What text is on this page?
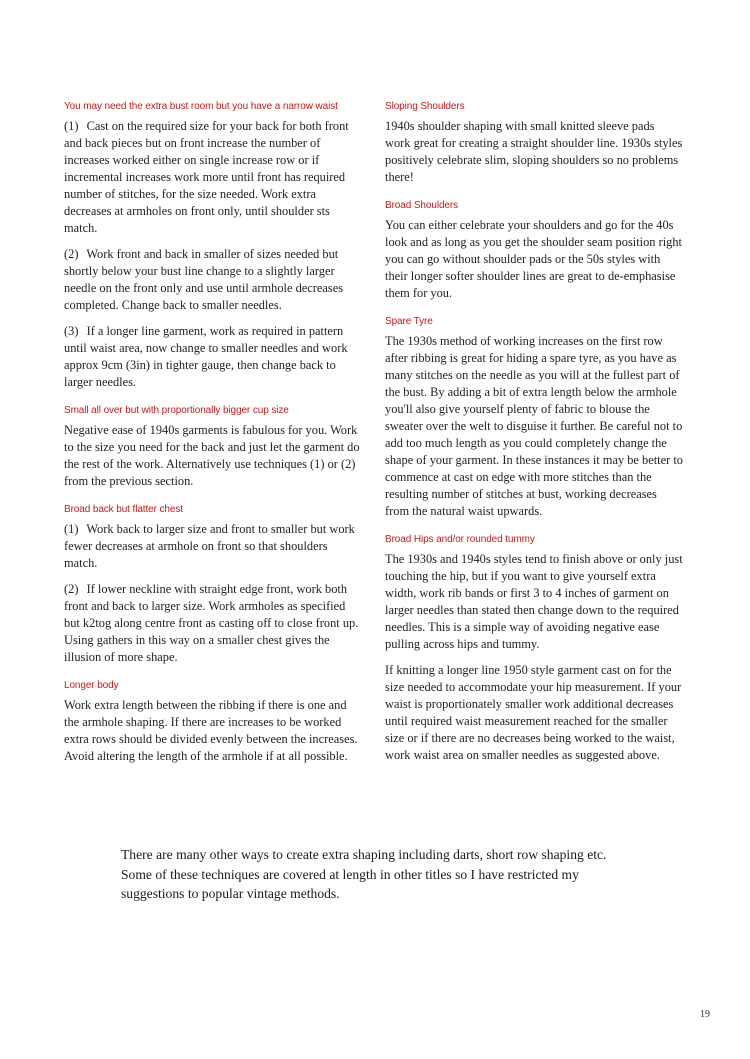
You may need the extra bust room but you have a narrow waist

(1) Cast on the required size for your back for both front and back pieces but on front increase the number of increases worked either on single increase row or if incremental increases work more until front has required number of stitches, for the size needed. Work extra decreases at armholes on front only, until shoulder sts match.

(2) Work front and back in smaller of sizes needed but shortly below your bust line change to a slightly larger needle on the front only and use until armhole decreases completed. Change back to smaller needles.

(3) If a longer line garment, work as required in pattern until waist area, now change to smaller needles and work approx 9cm (3in) in tighter gauge, then change back to larger needles.

Small all over but with proportionally bigger cup size

Negative ease of 1940s garments is fabulous for you. Work to the size you need for the back and just let the garment do the rest of the work. Alternatively use techniques (1) or (2) from the previous section.

Broad back but flatter chest

(1) Work back to larger size and front to smaller but work fewer decreases at armhole on front so that shoulders match.

(2) If lower neckline with straight edge front, work both front and back to larger size. Work armholes as specified but k2tog along centre front as casting off to close front up. Using gathers in this way on a smaller chest gives the illusion of more shape.

Longer body

Work extra length between the ribbing if there is one and the armhole shaping. If there are increases to be worked extra rows should be divided evenly between the increases. Avoid altering the length of the armhole if at all possible.

Sloping Shoulders

1940s shoulder shaping with small knitted sleeve pads work great for creating a straight shoulder line. 1930s styles positively celebrate slim, sloping shoulders so no problems there!

Broad Shoulders

You can either celebrate your shoulders and go for the 40s look and as long as you get the shoulder seam position right you can go without shoulder pads or the 50s styles with their longer softer shoulder lines are great to de-emphasise them for you.

Spare Tyre

The 1930s method of working increases on the first row after ribbing is great for hiding a spare tyre, as you have as many stitches on the needle as you will at the fullest part of the bust. By adding a bit of extra length below the armhole you'll also give yourself plenty of fabric to blouse the sweater over the welt to disguise it further. Be careful not to add too much length as you could completely change the shape of your garment. In these instances it may be better to commence at cast on edge with more stitches than the resulting number of stitches at bust, working decreases from the natural waist upwards.

Broad Hips and/or rounded tummy

The 1930s and 1940s styles tend to finish above or only just touching the hip, but if you want to give yourself extra width, work rib bands or first 3 to 4 inches of garment on larger needles than stated then change down to the required needles. This is a simple way of avoiding negative ease pulling across hips and tummy.

If knitting a longer line 1950 style garment cast on for the size needed to accommodate your hip measurement. If your waist is proportionately smaller work additional decreases until required waist measurement reached for the smaller size or if there are no decreases being worked to the waist, work waist area on smaller needles as suggested above.

There are many other ways to create extra shaping including darts, short row shaping etc. Some of these techniques are covered at length in other titles so I have restricted my suggestions to popular vintage methods.

19
